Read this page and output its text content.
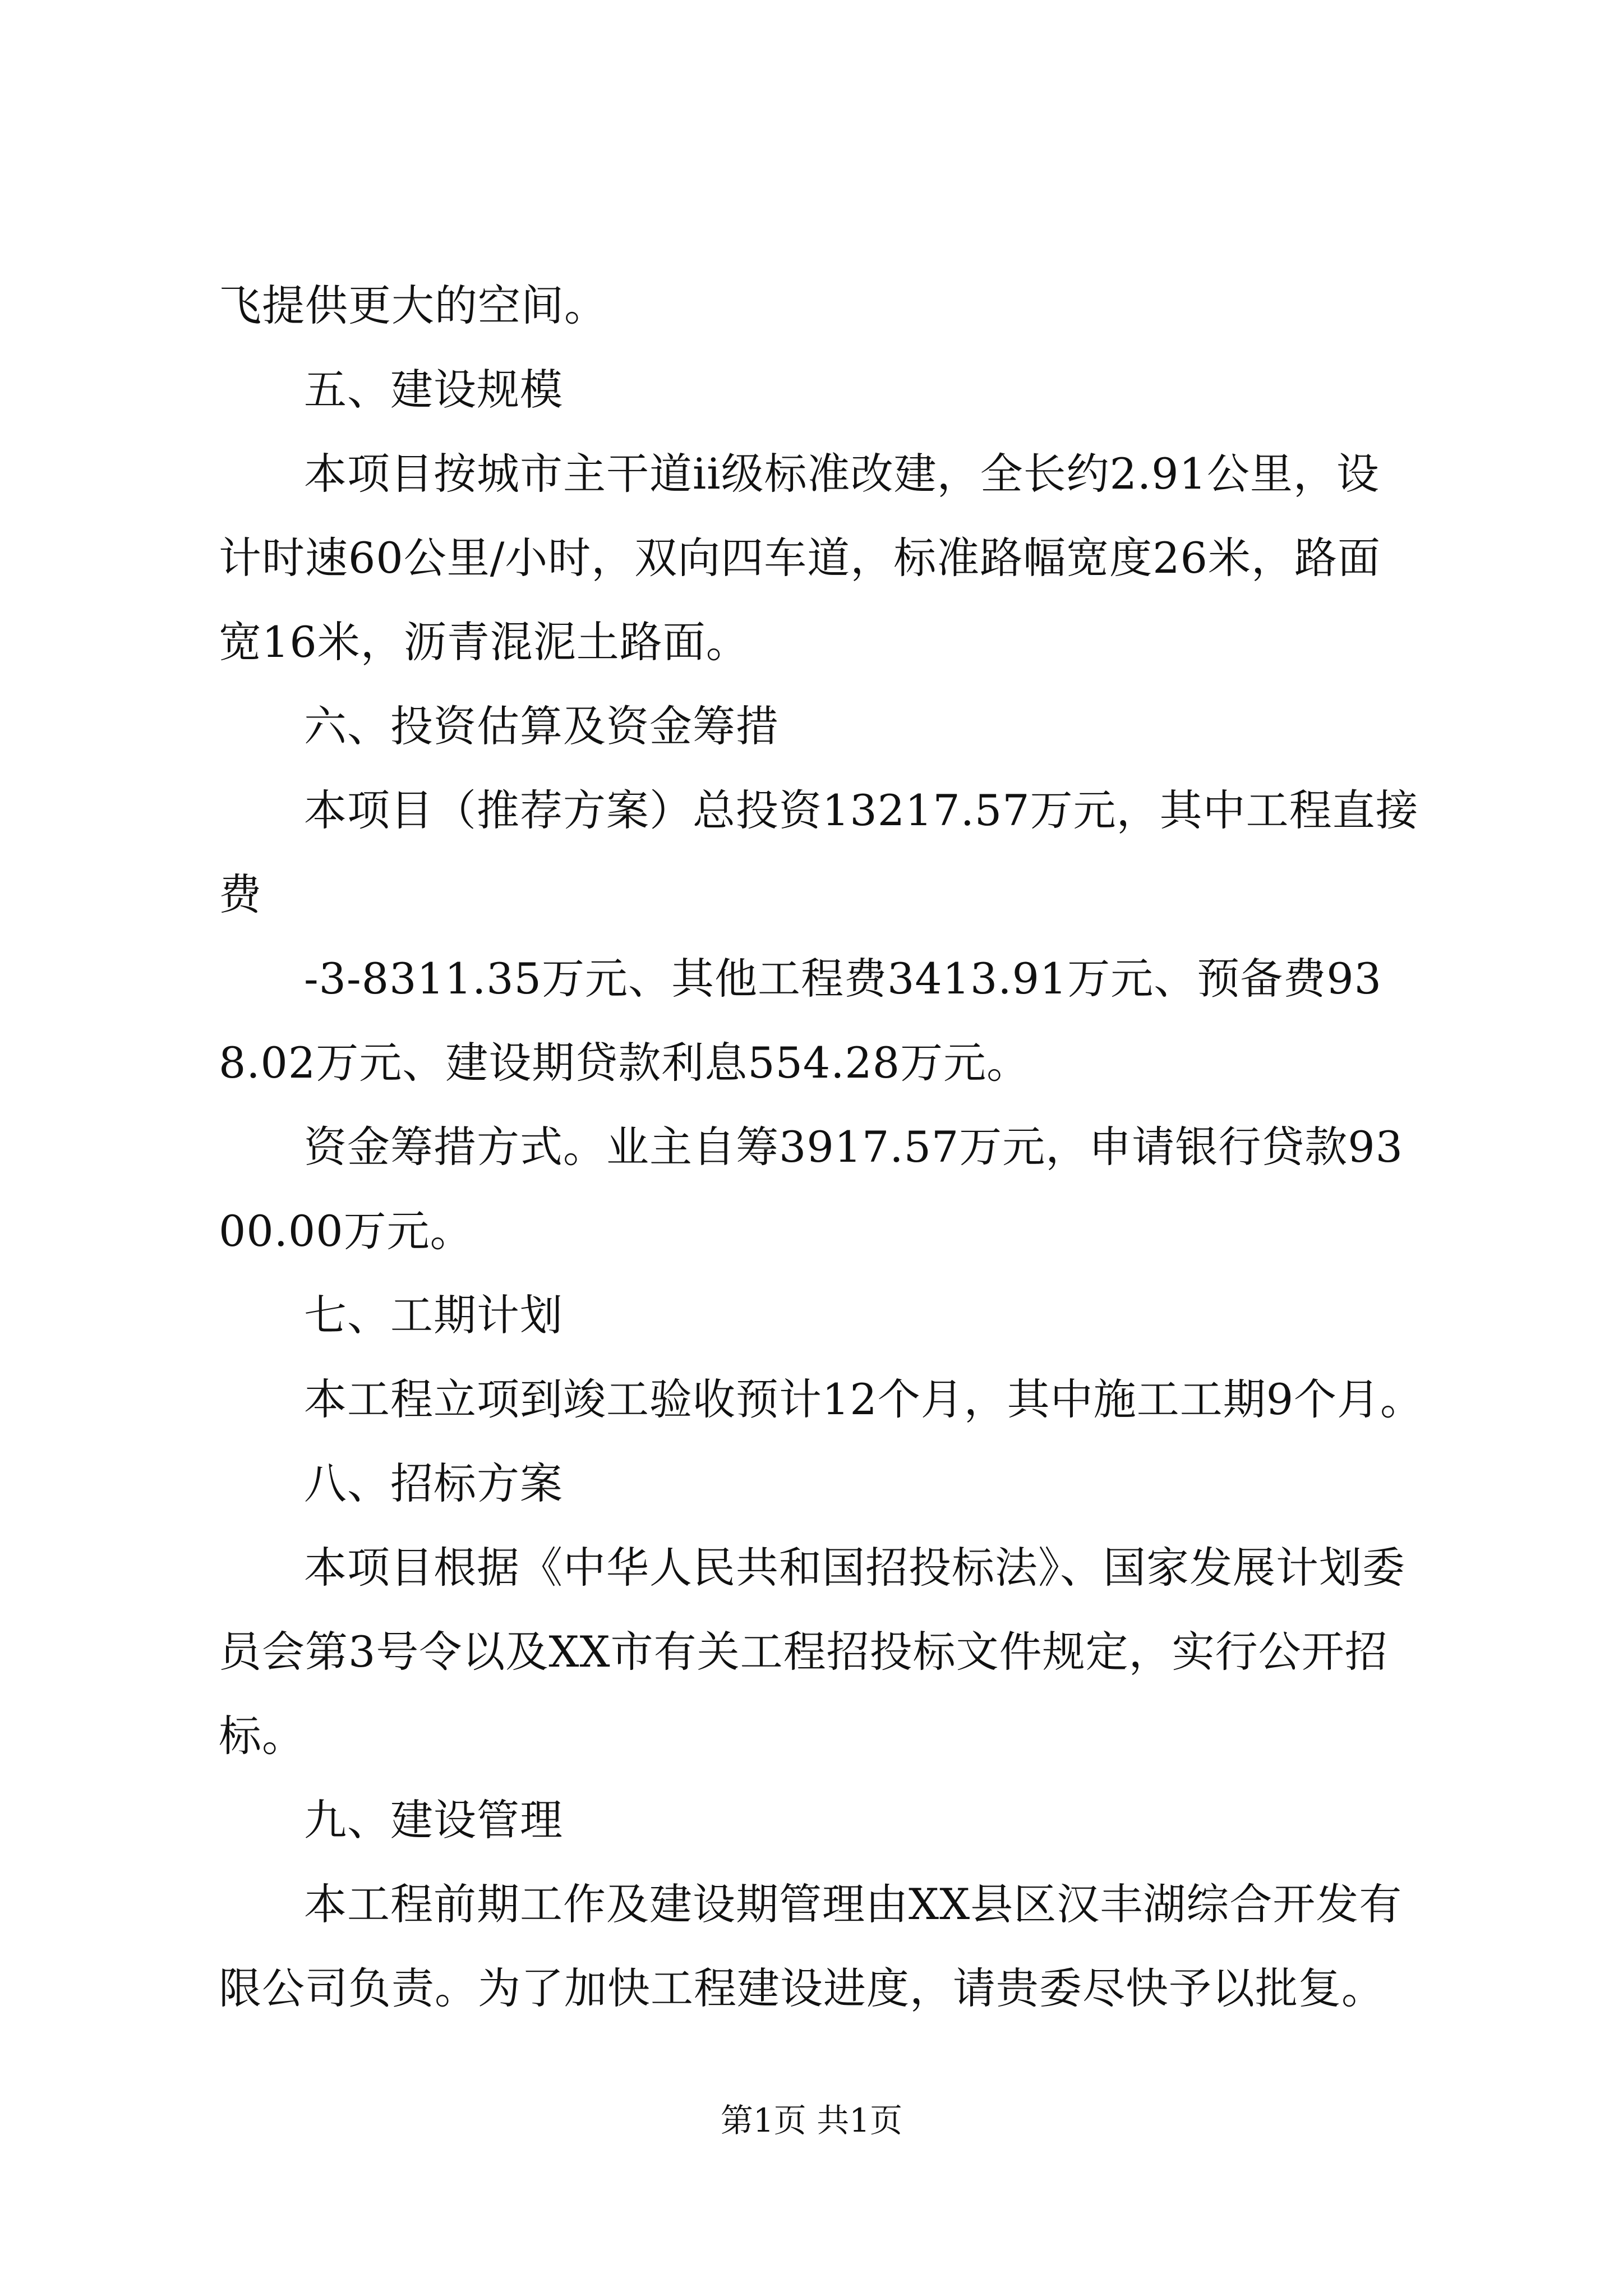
飞提供更大的空间。

五、建设规模

本项目按城市主干道ii级标准改建，全长约2.91公里，设计时速60公里/小时，双向四车道，标准路幅宽度26米，路面宽16米，沥青混泥土路面。

六、投资估算及资金筹措

本项目（推荐方案）总投资13217.57万元，其中工程直接费

-3-8311.35万元、其他工程费3413.91万元、预备费938.02万元、建设期贷款利息554.28万元。

资金筹措方式。业主自筹3917.57万元，申请银行贷款9300.00万元。

七、工期计划

本工程立项到竣工验收预计12个月，其中施工工期9个月。

八、招标方案

本项目根据《中华人民共和国招投标法》、国家发展计划委员会第3号令以及XX市有关工程招投标文件规定，实行公开招标。

九、建设管理

本工程前期工作及建设期管理由XX县区汉丰湖综合开发有限公司负责。为了加快工程建设进度，请贵委尽快予以批复。

第1页 共1页
